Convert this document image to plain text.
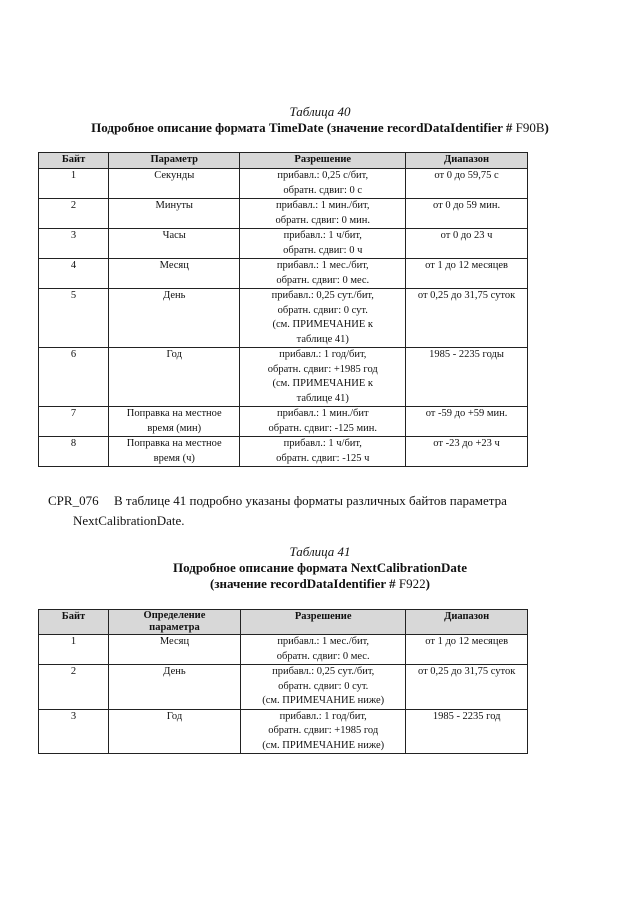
Таблица 40
Подробное описание формата TimeDate (значение recordDataIdentifier # F90B)
Байт	Параметр	Разрешение	Диапазон
1	Секунды	прибавл.: 0,25 с/бит,
обратн. сдвиг: 0 с	от 0 до 59,75 с
2	Минуты	прибавл.: 1 мин./бит,
обратн. сдвиг: 0 мин.	от 0 до 59 мин.
3	Часы	прибавл.: 1 ч/бит,
обратн. сдвиг: 0 ч	от 0 до 23 ч
4	Месяц	прибавл.: 1 мес./бит,
обратн. сдвиг: 0 мес.	от 1 до 12 месяцев
5	День	прибавл.: 0,25 сут./бит,
обратн. сдвиг: 0 сут.
(см. ПРИМЕЧАНИЕ к
таблице 41)	от 0,25 до 31,75 суток
6	Год	прибавл.: 1 год/бит,
обратн. сдвиг: +1985 год
(см. ПРИМЕЧАНИЕ к
таблице 41)	1985 - 2235 годы
7	Поправка на местное
время (мин)	прибавл.: 1 мин./бит
обратн. сдвиг: -125 мин.	от -59 до +59 мин.
8	Поправка на местное
время (ч)	прибавл.: 1 ч/бит,
обратн. сдвиг: -125 ч	от -23 до +23 ч
CPR_076 В таблице 41 подробно указаны форматы различных байтов параметра
NextCalibrationDate.
Таблица 41
Подробное описание формата NextCalibrationDate
(значение recordDataIdentifier # F922)
Байт	Определение
параметра	Разрешение	Диапазон
1	Месяц	прибавл.: 1 мес./бит,
обратн. сдвиг: 0 мес.	от 1 до 12 месяцев
2	День	прибавл.: 0,25 сут./бит,
обратн. сдвиг: 0 сут.
(см. ПРИМЕЧАНИЕ ниже)	от 0,25 до 31,75 суток
3	Год	прибавл.: 1 год/бит,
обратн. сдвиг: +1985 год
(см. ПРИМЕЧАНИЕ ниже)	1985 - 2235 год
